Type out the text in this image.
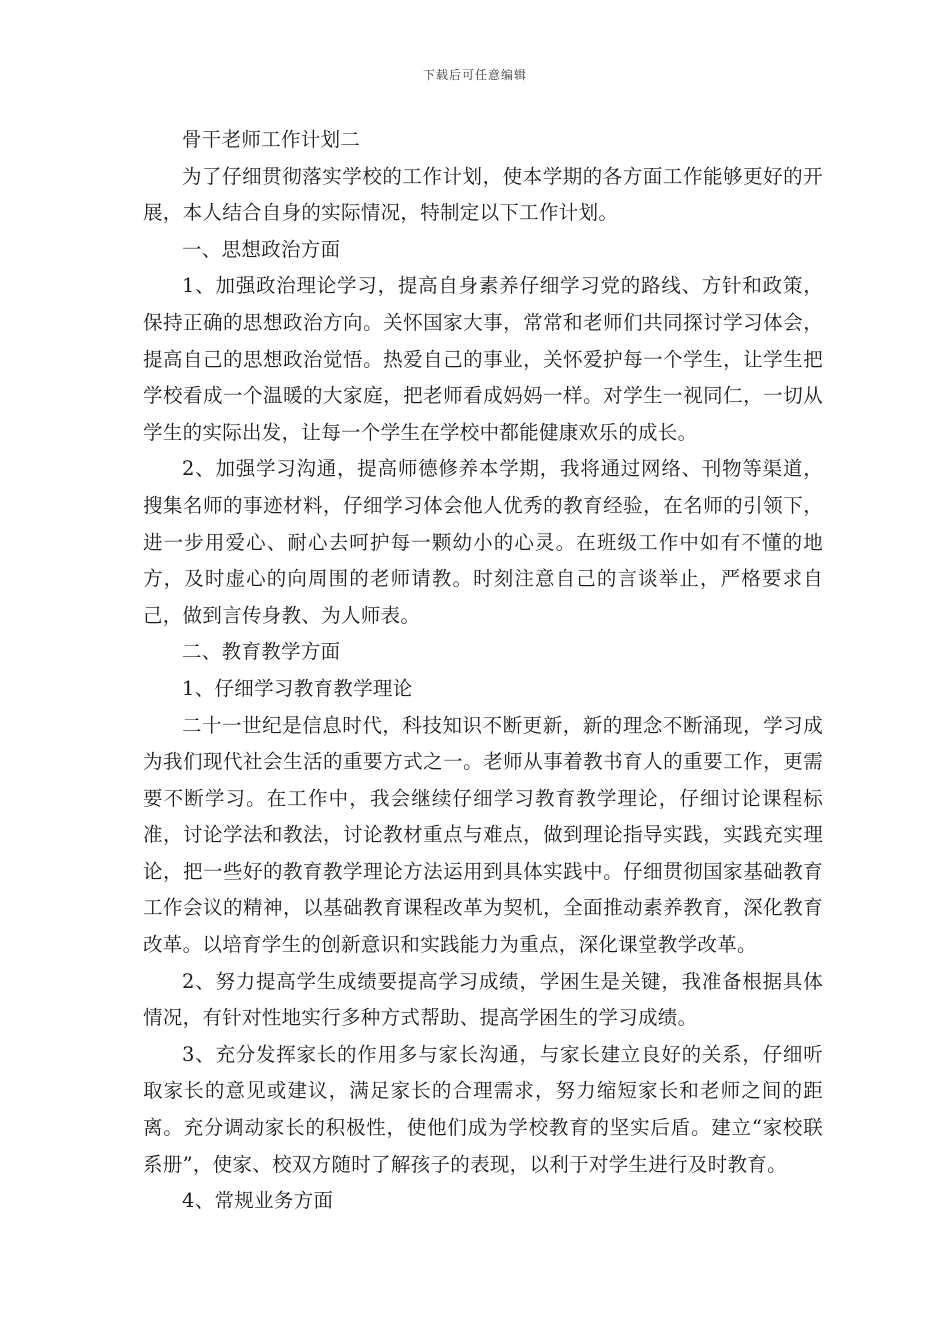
下载后可任意编辑

骨干老师工作计划二

为了仔细贯彻落实学校的工作计划，使本学期的各方面工作能够更好的开展，本人结合自身的实际情况，特制定以下工作计划。

一、思想政治方面

1、加强政治理论学习，提高自身素养仔细学习党的路线、方针和政策，保持正确的思想政治方向。关怀国家大事，常常和老师们共同探讨学习体会，提高自己的思想政治觉悟。热爱自己的事业，关怀爱护每一个学生，让学生把学校看成一个温暖的大家庭，把老师看成妈妈一样。对学生一视同仁，一切从学生的实际出发，让每一个学生在学校中都能健康欢乐的成长。

2、加强学习沟通，提高师德修养本学期，我将通过网络、刊物等渠道，搜集名师的事迹材料，仔细学习体会他人优秀的教育经验，在名师的引领下，进一步用爱心、耐心去呵护每一颗幼小的心灵。在班级工作中如有不懂的地方，及时虚心的向周围的老师请教。时刻注意自己的言谈举止，严格要求自己，做到言传身教、为人师表。

二、教育教学方面

1、仔细学习教育教学理论

二十一世纪是信息时代，科技知识不断更新，新的理念不断涌现，学习成为我们现代社会生活的重要方式之一。老师从事着教书育人的重要工作，更需要不断学习。在工作中，我会继续仔细学习教育教学理论，仔细讨论课程标准，讨论学法和教法，讨论教材重点与难点，做到理论指导实践，实践充实理论，把一些好的教育教学理论方法运用到具体实践中。仔细贯彻国家基础教育工作会议的精神，以基础教育课程改革为契机，全面推动素养教育，深化教育改革。以培育学生的创新意识和实践能力为重点，深化课堂教学改革。

2、努力提高学生成绩要提高学习成绩，学困生是关键，我准备根据具体情况，有针对性地实行多种方式帮助、提高学困生的学习成绩。

3、充分发挥家长的作用多与家长沟通，与家长建立良好的关系，仔细听取家长的意见或建议，满足家长的合理需求，努力缩短家长和老师之间的距离。充分调动家长的积极性，使他们成为学校教育的坚实后盾。建立“家校联系册”，使家、校双方随时了解孩子的表现，以利于对学生进行及时教育。

4、常规业务方面
